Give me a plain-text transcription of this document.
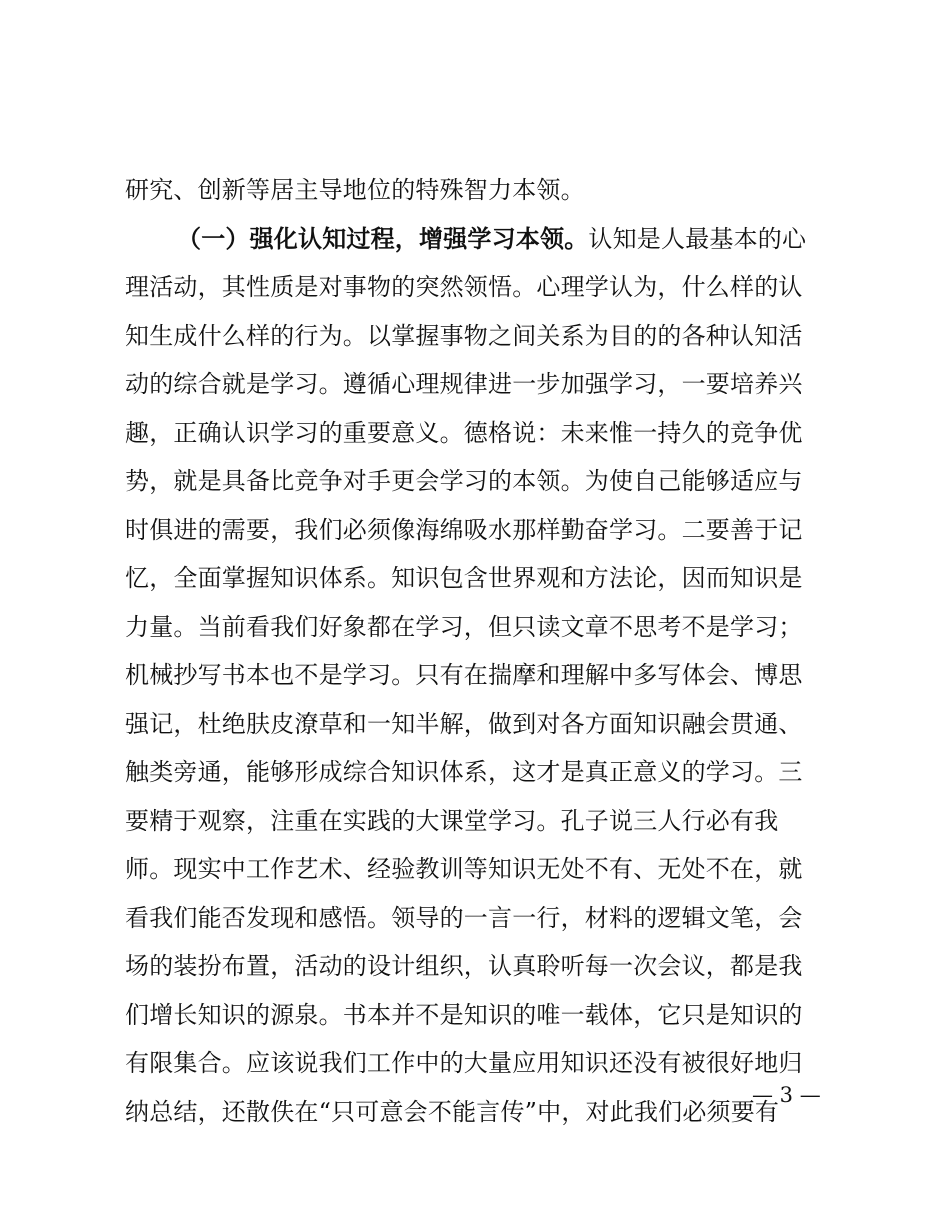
研究、创新等居主导地位的特殊智力本领。
（一）强化认知过程，增强学习本领。认知是人最基本的心
理活动，其性质是对事物的突然领悟。心理学认为，什么样的认
知生成什么样的行为。以掌握事物之间关系为目的的各种认知活
动的综合就是学习。遵循心理规律进一步加强学习，一要培养兴
趣，正确认识学习的重要意义。德格说：未来惟一持久的竞争优
势，就是具备比竞争对手更会学习的本领。为使自己能够适应与
时俱进的需要，我们必须像海绵吸水那样勤奋学习。二要善于记
忆，全面掌握知识体系。知识包含世界观和方法论，因而知识是
力量。当前看我们好象都在学习，但只读文章不思考不是学习；
机械抄写书本也不是学习。只有在揣摩和理解中多写体会、博思
强记，杜绝肤皮潦草和一知半解，做到对各方面知识融会贯通、
触类旁通，能够形成综合知识体系，这才是真正意义的学习。三
要精于观察，注重在实践的大课堂学习。孔子说三人行必有我
师。现实中工作艺术、经验教训等知识无处不有、无处不在，就
看我们能否发现和感悟。领导的一言一行，材料的逻辑文笔，会
场的装扮布置，活动的设计组织，认真聆听每一次会议，都是我
们增长知识的源泉。书本并不是知识的唯一载体，它只是知识的
有限集合。应该说我们工作中的大量应用知识还没有被很好地归
纳总结，还散佚在“只可意会不能言传”中，对此我们必须要有
— 3 —
